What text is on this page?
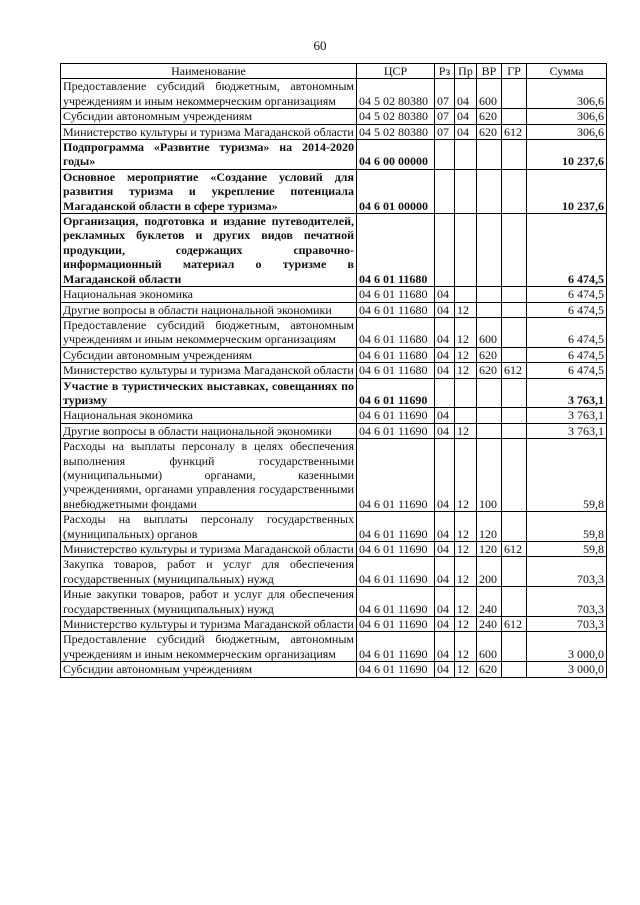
60
Наименование	ЦСР	Рз	Пр	ВР	ГР	Сумма
Предоставление субсидий бюджетным, автономным учреждениям и иным некоммерческим организациям	04 5 02 80380	07	04	600		306,6
Субсидии автономным учреждениям	04 5 02 80380	07	04	620		306,6
Министерство культуры и туризма Магаданской области	04 5 02 80380	07	04	620	612	306,6
Подпрограмма «Развитие туризма» на 2014-2020 годы»	04 6 00 00000					10 237,6
Основное мероприятие «Создание условий для развития туризма и укрепление потенциала Магаданской области в сфере туризма»	04 6 01 00000					10 237,6
Организация, подготовка и издание путеводителей, рекламных буклетов и других видов печатной продукции, содержащих справочно-информационный материал о туризме в Магаданской области	04 6 01 11680					6 474,5
Национальная экономика	04 6 01 11680	04				6 474,5
Другие вопросы в области национальной экономики	04 6 01 11680	04	12			6 474,5
Предоставление субсидий бюджетным, автономным учреждениям и иным некоммерческим организациям	04 6 01 11680	04	12	600		6 474,5
Субсидии автономным учреждениям	04 6 01 11680	04	12	620		6 474,5
Министерство культуры и туризма Магаданской области	04 6 01 11680	04	12	620	612	6 474,5
Участие в туристических выставках, совещаниях по туризму	04 6 01 11690					3 763,1
Национальная экономика	04 6 01 11690	04				3 763,1
Другие вопросы в области национальной экономики	04 6 01 11690	04	12			3 763,1
Расходы на выплаты персоналу в целях обеспечения выполнения функций государственными (муниципальными) органами, казенными учреждениями, органами управления государственными внебюджетными фондами	04 6 01 11690	04	12	100		59,8
Расходы на выплаты персоналу государственных (муниципальных) органов	04 6 01 11690	04	12	120		59,8
Министерство культуры и туризма Магаданской области	04 6 01 11690	04	12	120	612	59,8
Закупка товаров, работ и услуг для обеспечения государственных (муниципальных) нужд	04 6 01 11690	04	12	200		703,3
Иные закупки товаров, работ и услуг для обеспечения государственных (муниципальных) нужд	04 6 01 11690	04	12	240		703,3
Министерство культуры и туризма Магаданской области	04 6 01 11690	04	12	240	612	703,3
Предоставление субсидий бюджетным, автономным учреждениям и иным некоммерческим организациям	04 6 01 11690	04	12	600		3 000,0
Субсидии автономным учреждениям	04 6 01 11690	04	12	620		3 000,0
